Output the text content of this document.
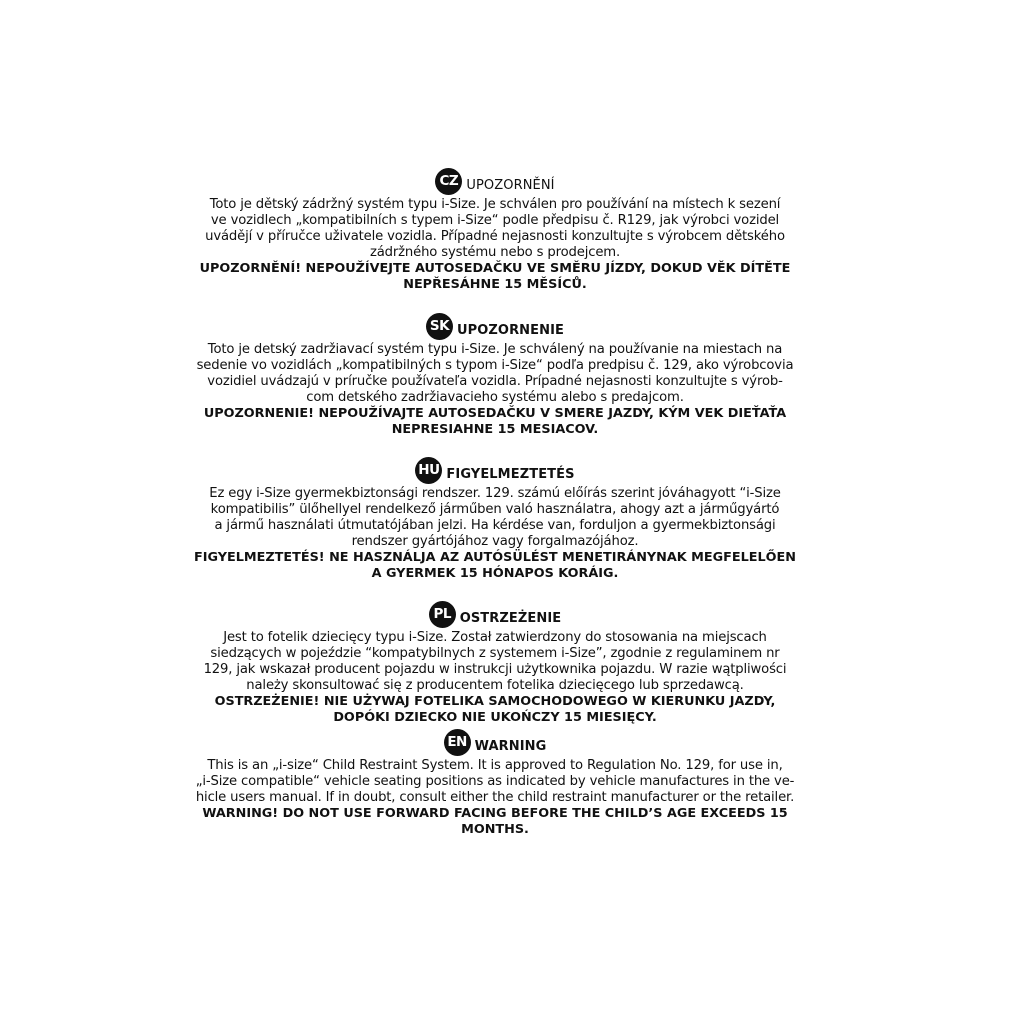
CZ UPOZORNĚNÍ

Toto je dětský zádržný systém typu i-Size. Je schválen pro používání na místech k sezení
ve vozidlech „kompatibilních s typem i-Size“ podle předpisu č. R129, jak výrobci vozidel
uvádějí v příručce uživatele vozidla. Případné nejasnosti konzultujte s výrobcem dětského
zádržného systému nebo s prodejcem.

UPOZORNĚNÍ! NEPOUŽÍVEJTE AUTOSEDAČKU VE SMĚRU JÍZDY, DOKUD VĚK DÍTĚTE
NEPŘESÁHNE 15 MĚSÍCŮ.

SK UPOZORNENIE

Toto je detský zadržiavací systém typu i-Size. Je schválený na používanie na miestach na
sedenie vo vozidlách „kompatibilných s typom i-Size“ podľa predpisu č. 129, ako výrobcovia
vozidiel uvádzajú v príručke používateľa vozidla. Prípadné nejasnosti konzultujte s výrob-
com detského zadržiavacieho systému alebo s predajcom.

UPOZORNENIE! NEPOUŽÍVAJTE AUTOSEDAČKU V SMERE JAZDY, KÝM VEK DIEŤAŤA
NEPRESIAHNE 15 MESIACOV.

HU FIGYELMEZTETÉS

Ez egy i-Size gyermekbiztonsági rendszer. 129. számú előírás szerint jóváhagyott “i-Size
kompatibilis” ülőhellyel rendelkező járműben való használatra, ahogy azt a járműgyártó
a jármű használati útmutatójában jelzi. Ha kérdése van, forduljon a gyermekbiztonsági
rendszer gyártójához vagy forgalmazójához.

FIGYELMEZTETÉS! NE HASZNÁLJA AZ AUTÓSÜLÉST MENETIRÁNYNAK MEGFELELŐEN
A GYERMEK 15 HÓNAPOS KORÁIG.

PL OSTRZEŻENIE

Jest to fotelik dziecięcy typu i-Size. Został zatwierdzony do stosowania na miejscach
siedzących w pojeździe “kompatybilnych z systemem i-Size”, zgodnie z regulaminem nr
129, jak wskazał producent pojazdu w instrukcji użytkownika pojazdu. W razie wątpliwości
należy skonsultować się z producentem fotelika dziecięcego lub sprzedawcą.

OSTRZEŻENIE! NIE UŻYWAJ FOTELIKA SAMOCHODOWEGO W KIERUNKU JAZDY,
DOPÓKI DZIECKO NIE UKOŃCZY 15 MIESIĘCY.

EN WARNING

This is an „i-size“ Child Restraint System. It is approved to Regulation No. 129, for use in,
„i-Size compatible“ vehicle seating positions as indicated by vehicle manufactures in the ve-
hicle users manual. If in doubt, consult either the child restraint manufacturer or the retailer.

WARNING! DO NOT USE FORWARD FACING BEFORE THE CHILD’S AGE EXCEEDS 15
MONTHS.
